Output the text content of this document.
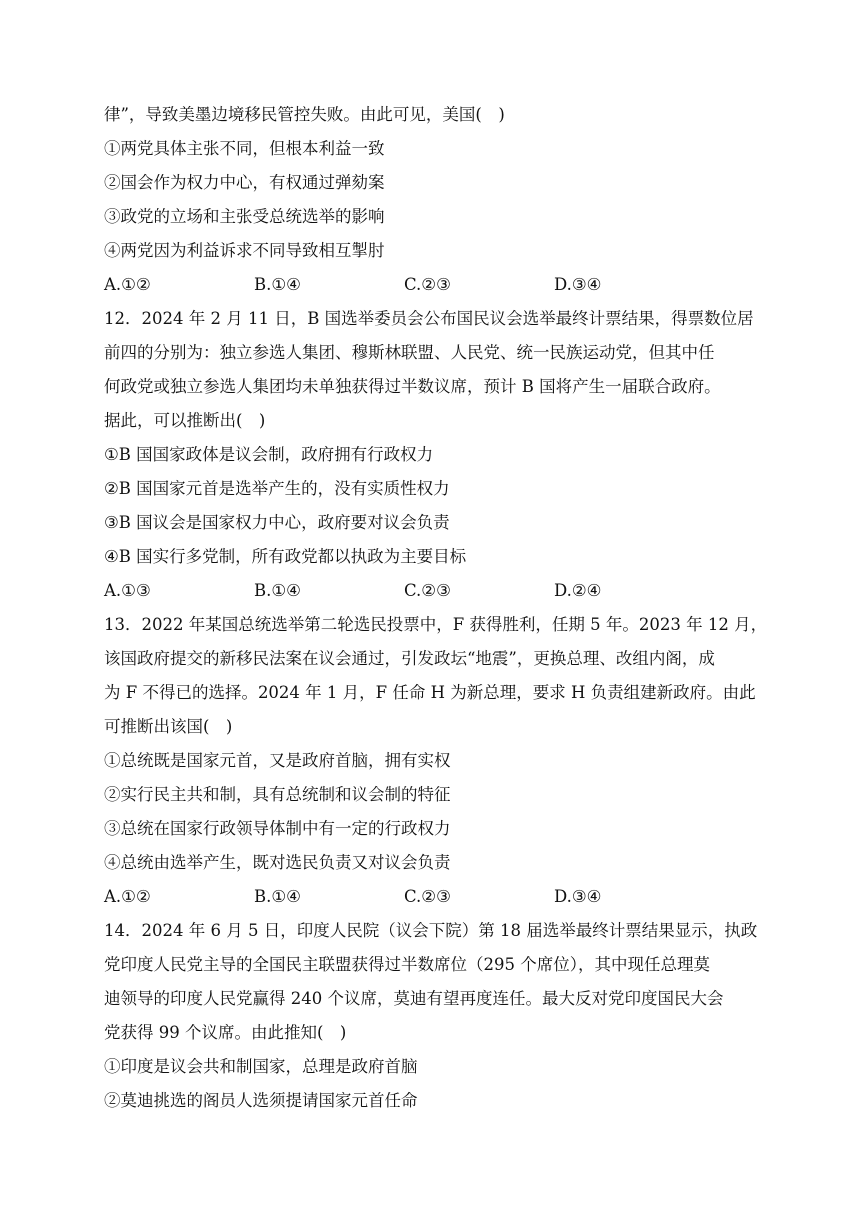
律”，导致美墨边境移民管控失败。由此可见，美国(　)
①两党具体主张不同，但根本利益一致
②国会作为权力中心，有权通过弹劾案
③政党的立场和主张受总统选举的影响
④两党因为利益诉求不同导致相互掣肘
A.①②	B.①④	C.②③	D.③④
12．2024 年 2 月 11 日，B 国选举委员会公布国民议会选举最终计票结果，得票数位居
前四的分别为：独立参选人集团、穆斯林联盟、人民党、统一民族运动党，但其中任
何政党或独立参选人集团均未单独获得过半数议席，预计 B 国将产生一届联合政府。
据此，可以推断出(　)
①B 国国家政体是议会制，政府拥有行政权力
②B 国国家元首是选举产生的，没有实质性权力
③B 国议会是国家权力中心，政府要对议会负责
④B 国实行多党制，所有政党都以执政为主要目标
A.①③	B.①④	C.②③	D.②④
13．2022 年某国总统选举第二轮选民投票中，F 获得胜利，任期 5 年。2023 年 12 月，
该国政府提交的新移民法案在议会通过，引发政坛“地震”，更换总理、改组内阁，成
为 F 不得已的选择。2024 年 1 月，F 任命 H 为新总理，要求 H 负责组建新政府。由此
可推断出该国(　)
①总统既是国家元首，又是政府首脑，拥有实权
②实行民主共和制，具有总统制和议会制的特征
③总统在国家行政领导体制中有一定的行政权力
④总统由选举产生，既对选民负责又对议会负责
A.①②	B.①④	C.②③	D.③④
14．2024 年 6 月 5 日，印度人民院（议会下院）第 18 届选举最终计票结果显示，执政
党印度人民党主导的全国民主联盟获得过半数席位（295 个席位），其中现任总理莫
迪领导的印度人民党赢得 240 个议席，莫迪有望再度连任。最大反对党印度国民大会
党获得 99 个议席。由此推知(　)
①印度是议会共和制国家，总理是政府首脑
②莫迪挑选的阁员人选须提请国家元首任命
